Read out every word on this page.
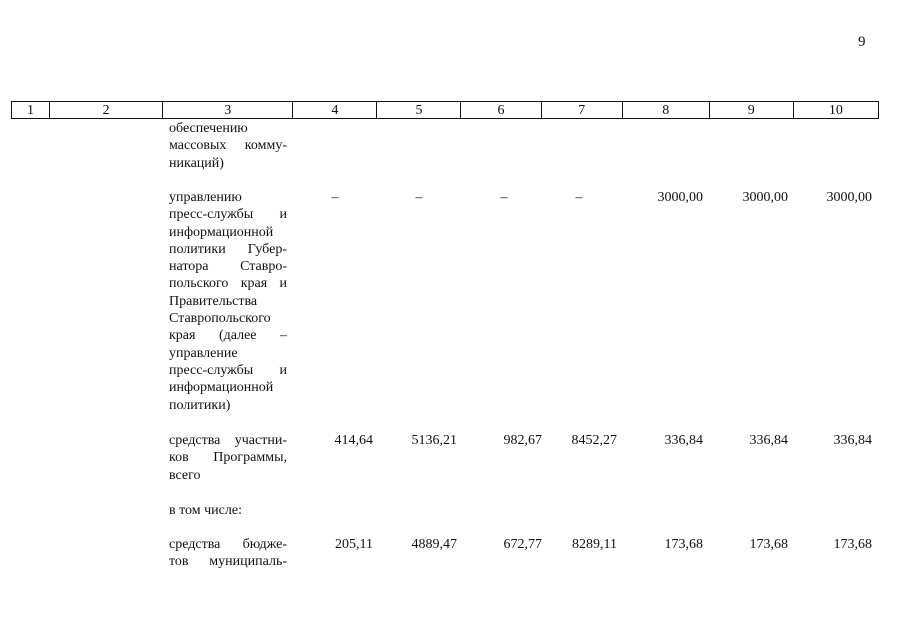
9
1	2	3	4	5	6	7	8	9	10
обеспечению
массовых комму-
никаций)
управлению
пресс-службы и
информационной
политики Губер-
натора Ставро-
польского края и
Правительства
Ставропольского
края (далее –
управление
пресс-службы и
информационной
политики)
–	–	–	–	3000,00	3000,00	3000,00
средства участни-
ков Программы,
всего
414,64	5136,21	982,67	8452,27	336,84	336,84	336,84
в том числе:
средства бюдже-
тов муниципаль-
205,11	4889,47	672,77	8289,11	173,68	173,68	173,68
